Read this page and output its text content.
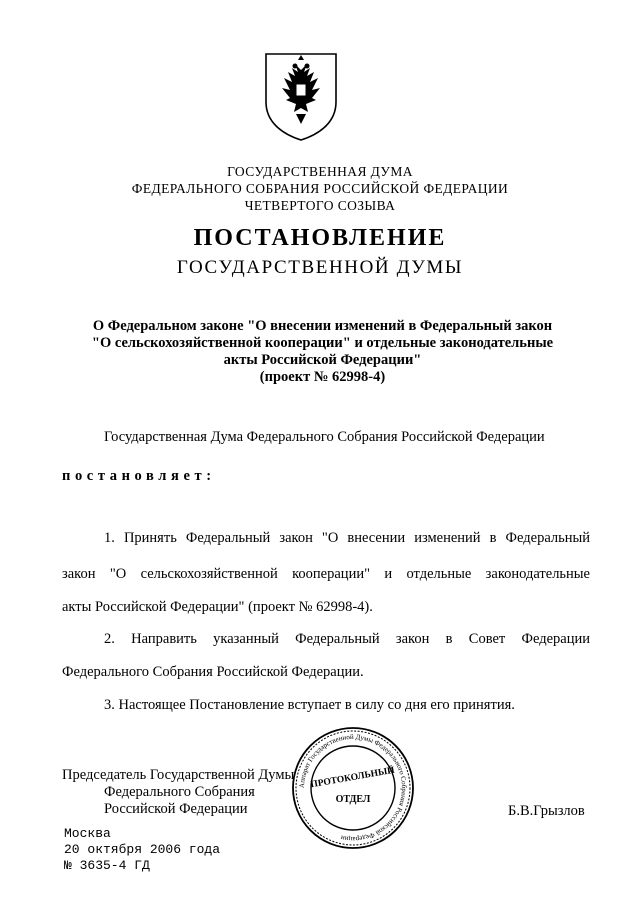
ГОСУДАРСТВЕННАЯ ДУМА
ФЕДЕРАЛЬНОГО СОБРАНИЯ РОССИЙСКОЙ ФЕДЕРАЦИИ
ЧЕТВЕРТОГО СОЗЫВА
ПОСТАНОВЛЕНИЕ
ГОСУДАРСТВЕННОЙ ДУМЫ
О Федеральном законе "О внесении изменений в Федеральный закон
"О сельскохозяйственной кооперации" и отдельные законодательные
акты Российской Федерации"
(проект № 62998-4)
Государственная Дума Федерального Собрания Российской Федерации
постановляет:
1. Принять Федеральный закон "О внесении изменений в Федеральный
закон "О сельскохозяйственной кооперации" и отдельные законодательные
акты Российской Федерации" (проект № 62998-4).
2. Направить указанный Федеральный закон в Совет Федерации
Федерального Собрания Российской Федерации.
3. Настоящее Постановление вступает в силу со дня его принятия.
Председатель Государственной Думы
Федерального Собрания
Российской Федерации	Б.В.Грызлов
Аппарат Государственной Думы Федерального Собрания Российской Федерации
ПРОТОКОЛЬНЫЙ
ОТДЕЛ
Москва
20 октября 2006 года
№ 3635-4 ГД
